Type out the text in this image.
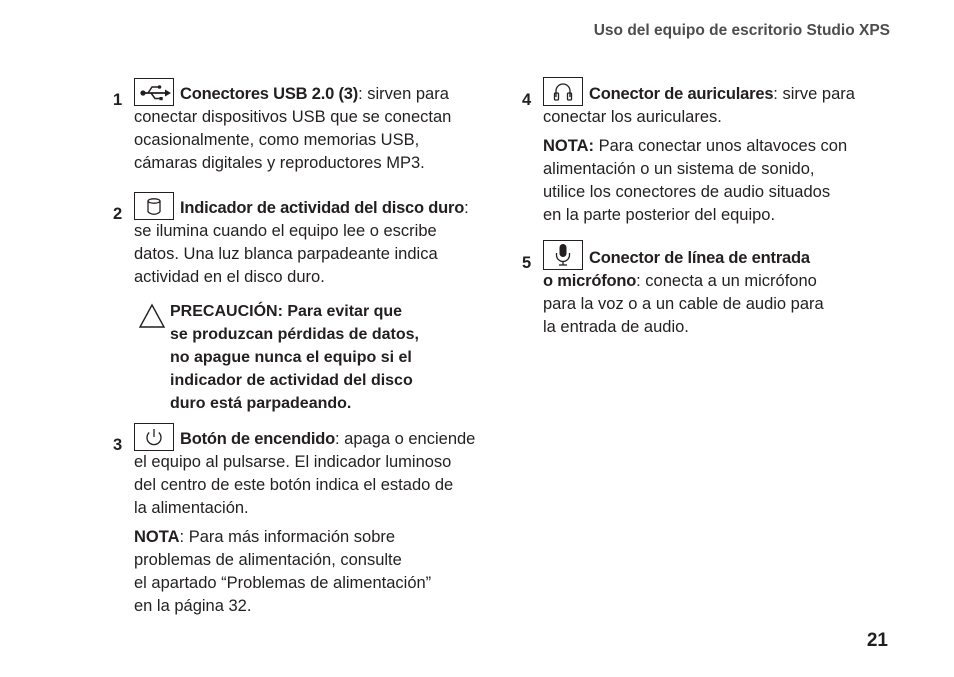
Uso del equipo de escritorio Studio XPS
1	Conectores USB 2.0 (3): sirven para

conectar dispositivos USB que se conectan

ocasionalmente, como memorias USB,

cámaras digitales y reproductores MP3.

2	Indicador de actividad del disco duro:

se ilumina cuando el equipo lee o escribe

datos. Una luz blanca parpadeante indica

actividad en el disco duro.

PRECAUCIÓN: Para evitar que

se produzcan pérdidas de datos,

no apague nunca el equipo si el

indicador de actividad del disco

duro está parpadeando.

3	Botón de encendido: apaga o enciende

el equipo al pulsarse. El indicador luminoso

del centro de este botón indica el estado de

la alimentación.

NOTA: Para más información sobre

problemas de alimentación, consulte

el apartado “Problemas de alimentación”

en la página 32.

4	Conector de auriculares: sirve para

conectar los auriculares.

NOTA: Para conectar unos altavoces con

alimentación o un sistema de sonido,

utilice los conectores de audio situados

en la parte posterior del equipo.

5	Conector de línea de entrada

o micrófono: conecta a un micrófono

para la voz o a un cable de audio para

la entrada de audio.

21
